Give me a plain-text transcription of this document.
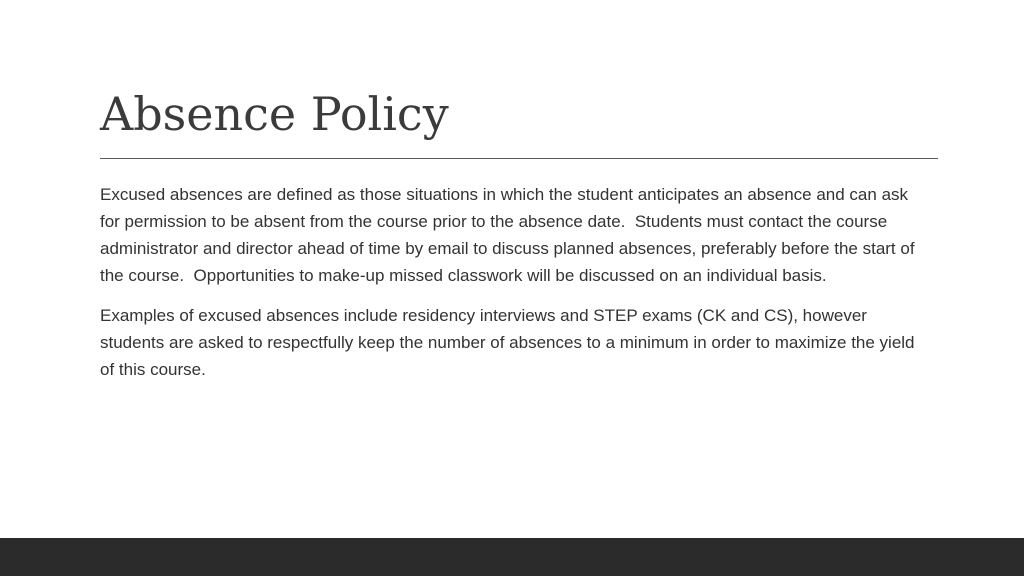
Absence Policy

Excused absences are defined as those situations in which the student anticipates an absence and can ask for permission to be absent from the course prior to the absence date.  Students must contact the course administrator and director ahead of time by email to discuss planned absences, preferably before the start of the course.  Opportunities to make-up missed classwork will be discussed on an individual basis.

Examples of excused absences include residency interviews and STEP exams (CK and CS), however students are asked to respectfully keep the number of absences to a minimum in order to maximize the yield of this course.
